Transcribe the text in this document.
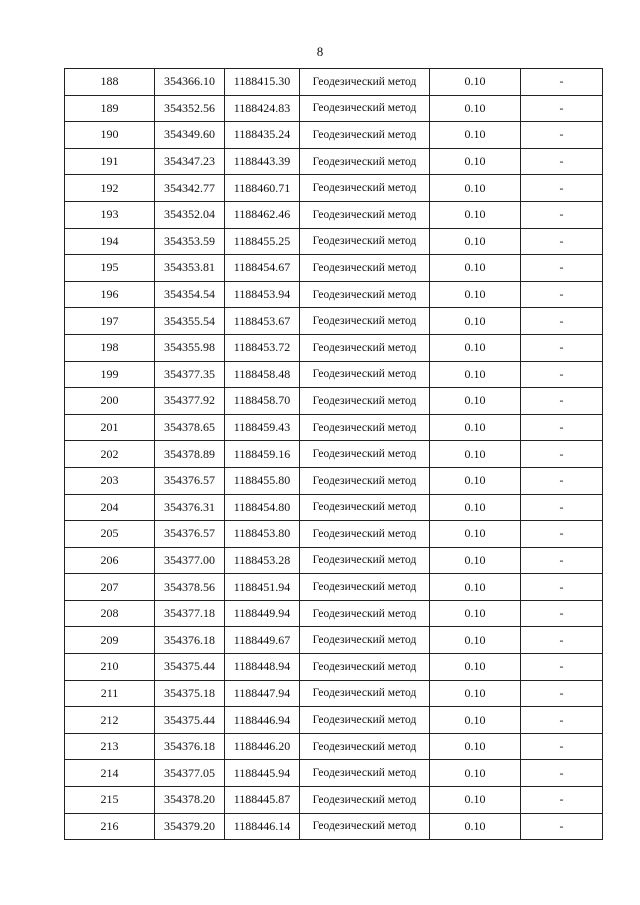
8
188	354366.10	1188415.30	Геодезический метод	0.10	-
189	354352.56	1188424.83	Геодезический метод	0.10	-
190	354349.60	1188435.24	Геодезический метод	0.10	-
191	354347.23	1188443.39	Геодезический метод	0.10	-
192	354342.77	1188460.71	Геодезический метод	0.10	-
193	354352.04	1188462.46	Геодезический метод	0.10	-
194	354353.59	1188455.25	Геодезический метод	0.10	-
195	354353.81	1188454.67	Геодезический метод	0.10	-
196	354354.54	1188453.94	Геодезический метод	0.10	-
197	354355.54	1188453.67	Геодезический метод	0.10	-
198	354355.98	1188453.72	Геодезический метод	0.10	-
199	354377.35	1188458.48	Геодезический метод	0.10	-
200	354377.92	1188458.70	Геодезический метод	0.10	-
201	354378.65	1188459.43	Геодезический метод	0.10	-
202	354378.89	1188459.16	Геодезический метод	0.10	-
203	354376.57	1188455.80	Геодезический метод	0.10	-
204	354376.31	1188454.80	Геодезический метод	0.10	-
205	354376.57	1188453.80	Геодезический метод	0.10	-
206	354377.00	1188453.28	Геодезический метод	0.10	-
207	354378.56	1188451.94	Геодезический метод	0.10	-
208	354377.18	1188449.94	Геодезический метод	0.10	-
209	354376.18	1188449.67	Геодезический метод	0.10	-
210	354375.44	1188448.94	Геодезический метод	0.10	-
211	354375.18	1188447.94	Геодезический метод	0.10	-
212	354375.44	1188446.94	Геодезический метод	0.10	-
213	354376.18	1188446.20	Геодезический метод	0.10	-
214	354377.05	1188445.94	Геодезический метод	0.10	-
215	354378.20	1188445.87	Геодезический метод	0.10	-
216	354379.20	1188446.14	Геодезический метод	0.10	-
